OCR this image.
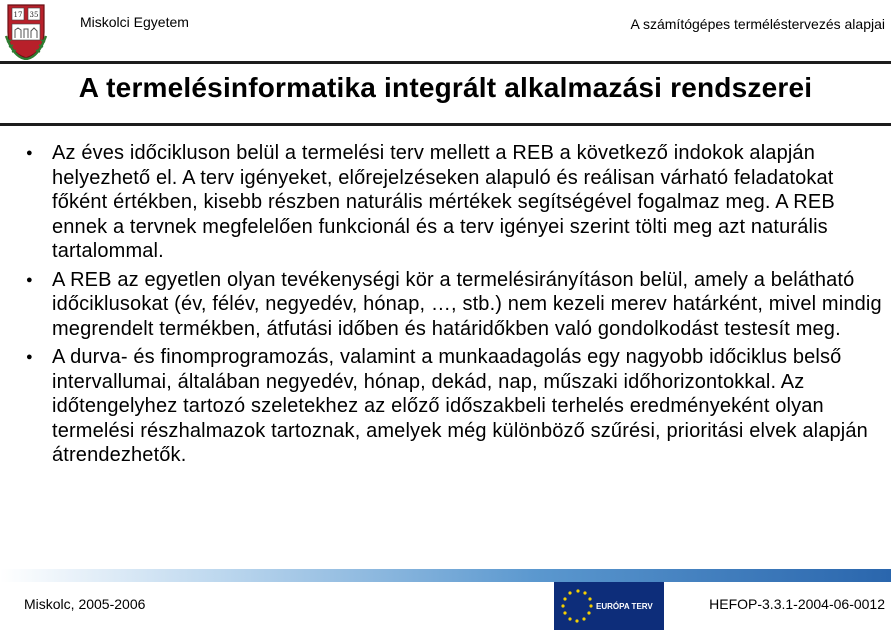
17 35	Miskolci Egyetem	A számítógépes terméléstervezés alapjai
A termelésinformatika integrált alkalmazási rendszerei
● Az éves időcikluson belül a termelési terv mellett a REB a következő indokok alapján helyezhető el. A terv igényeket, előrejelzéseken alapuló és reálisan várható feladatokat főként értékben, kisebb részben naturális mértékek segítségével fogalmaz meg. A REB ennek a tervnek megfelelően funkcionál és a terv igényei szerint tölti meg azt naturális tartalommal.
● A REB az egyetlen olyan tevékenységi kör a termelésirányításon belül, amely a belátható időciklusokat (év, félév, negyedév, hónap, …, stb.) nem kezeli merev határként, mivel mindig megrendelt termékben, átfutási időben és határidőkben való gondolkodást testesít meg.
● A durva- és finomprogramozás, valamint a munkaadagolás egy nagyobb időciklus belső intervallumai, általában negyedév, hónap, dekád, nap, műszaki időhorizontokkal. Az időtengelyhez tartozó szeletekhez az előző időszakbeli terhelés eredményeként olyan termelési részhalmazok tartoznak, amelyek még különböző szűrési, prioritási elvek alapján átrendezhetők.
Miskolc, 2005-2006	EURÓPA TERV	HEFOP-3.3.1-2004-06-0012
